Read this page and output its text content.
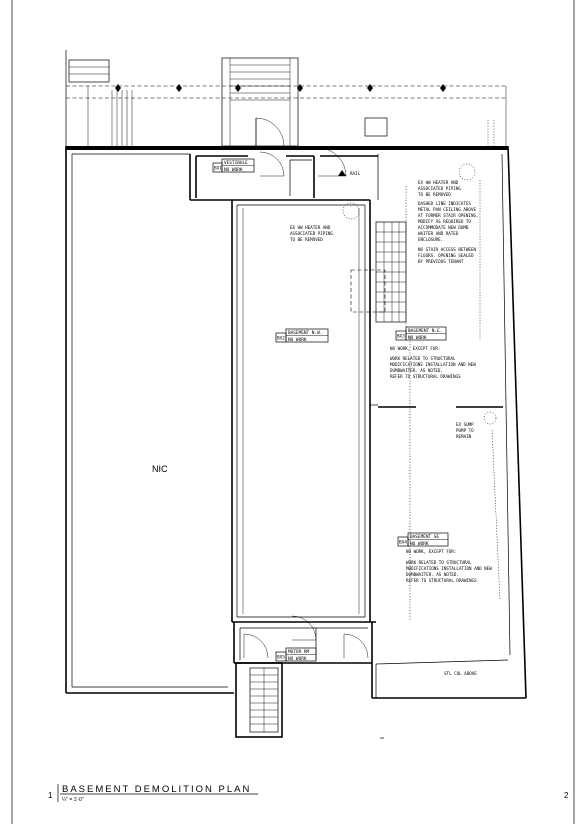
RAIL
NIC
BX1
VESTIBULE
NO WORK
BX2
BASEMENT N.W.
NO WORK
BX3
BASEMENT N.E.
NO WORK
BX4
BASEMENT SE
NO WORK
BX5
MOTOR RM
NO WORK
EX HW HEATER AND
ASSOCIATED PIPING
TO BE REMOVED
DASHED LINE INDICATES
METAL PAN CEILING ABOVE
AT FORMER STAIR OPENING,
MODIFY AS REQUIRED TO
ACCOMMODATE NEW DUMB
WAITER AND RATED
ENCLOSURE.
NO STAIR ACCESS BETWEEN
FLOORS. OPENING SEALED
BY PREVIOUS TENANT
EX HW HEATER AND
ASSOCIATED PIPING
TO BE REMOVED
NO WORK, EXCEPT FOR:
WORK RELATED TO STRUCTURAL
MODIFICATIONS INSTALLATION AND NEW
DUMBWAITER. AS NOTED.
REFER TO STRUCTURAL DRAWINGS
EX SUMP
PUMP TO
REMAIN
NO WORK, EXCEPT FOR:
WORK RELATED TO STRUCTURAL
MODIFICATIONS INSTALLATION AND NEW
DUMBWAITER. AS NOTED.
REFER TO STRUCTURAL DRAWINGS
STL COL ABOVE
1
BASEMENT DEMOLITION PLAN
¼" = 1'-0"	2
